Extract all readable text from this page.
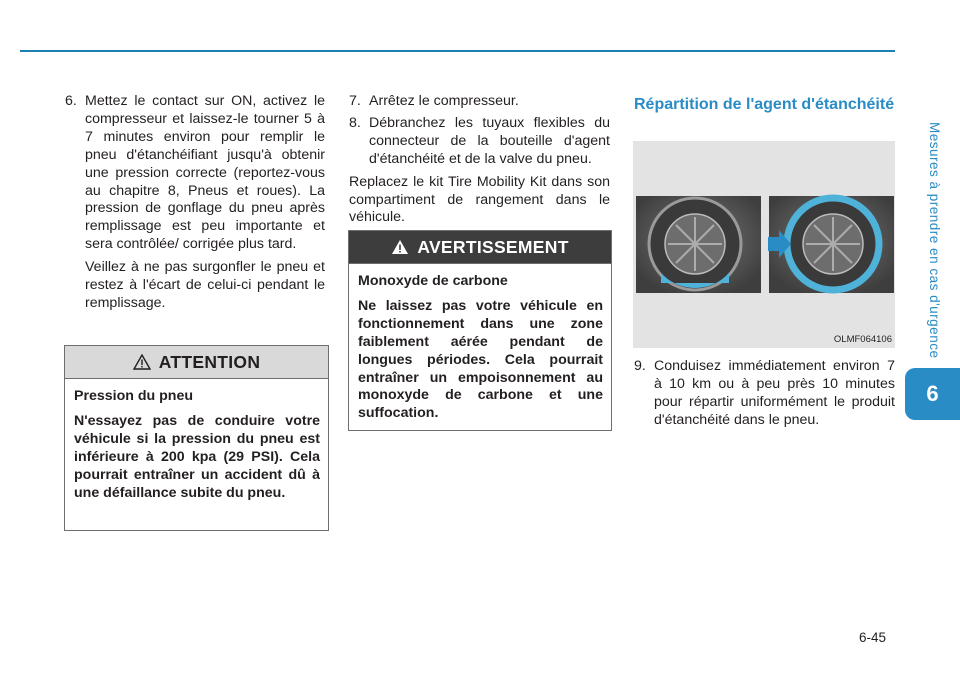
Mesures à prendre en cas d'urgence
6
6. Mettez le contact sur ON, activez le compresseur et laissez-le tourner 5 à 7 minutes environ pour remplir le pneu d'étanchéifiant jusqu'à obtenir une pression correcte (reportez-vous au chapitre 8, Pneus et roues). La pression de gonflage du pneu après remplissage est peu importante et sera contrôlée/ corrigée plus tard.

Veillez à ne pas surgonfler le pneu et restez à l'écart de celui-ci pendant le remplissage.

ATTENTION

Pression du pneu

N'essayez pas de conduire votre véhicule si la pression du pneu est inférieure à 200 kpa (29 PSI). Cela pourrait entraîner un accident dû à une défaillance subite du pneu.

7. Arrêtez le compresseur.
8. Débranchez les tuyaux flexibles du connecteur de la bouteille d'agent d'étanchéité et de la valve du pneu.

Replacez le kit Tire Mobility Kit dans son compartiment de rangement dans le véhicule.

AVERTISSEMENT

Monoxyde de carbone

Ne laissez pas votre véhicule en fonctionnement dans une zone faiblement aérée pendant de longues périodes. Cela pourrait entraîner un empoisonnement au monoxyde de carbone et une suffocation.

Répartition de l'agent d'étanchéité
OLMF064106
9. Conduisez immédiatement environ 7 à 10 km ou à peu près 10 minutes pour répartir uniformément le produit d'étanchéité dans le pneu.
6-45
